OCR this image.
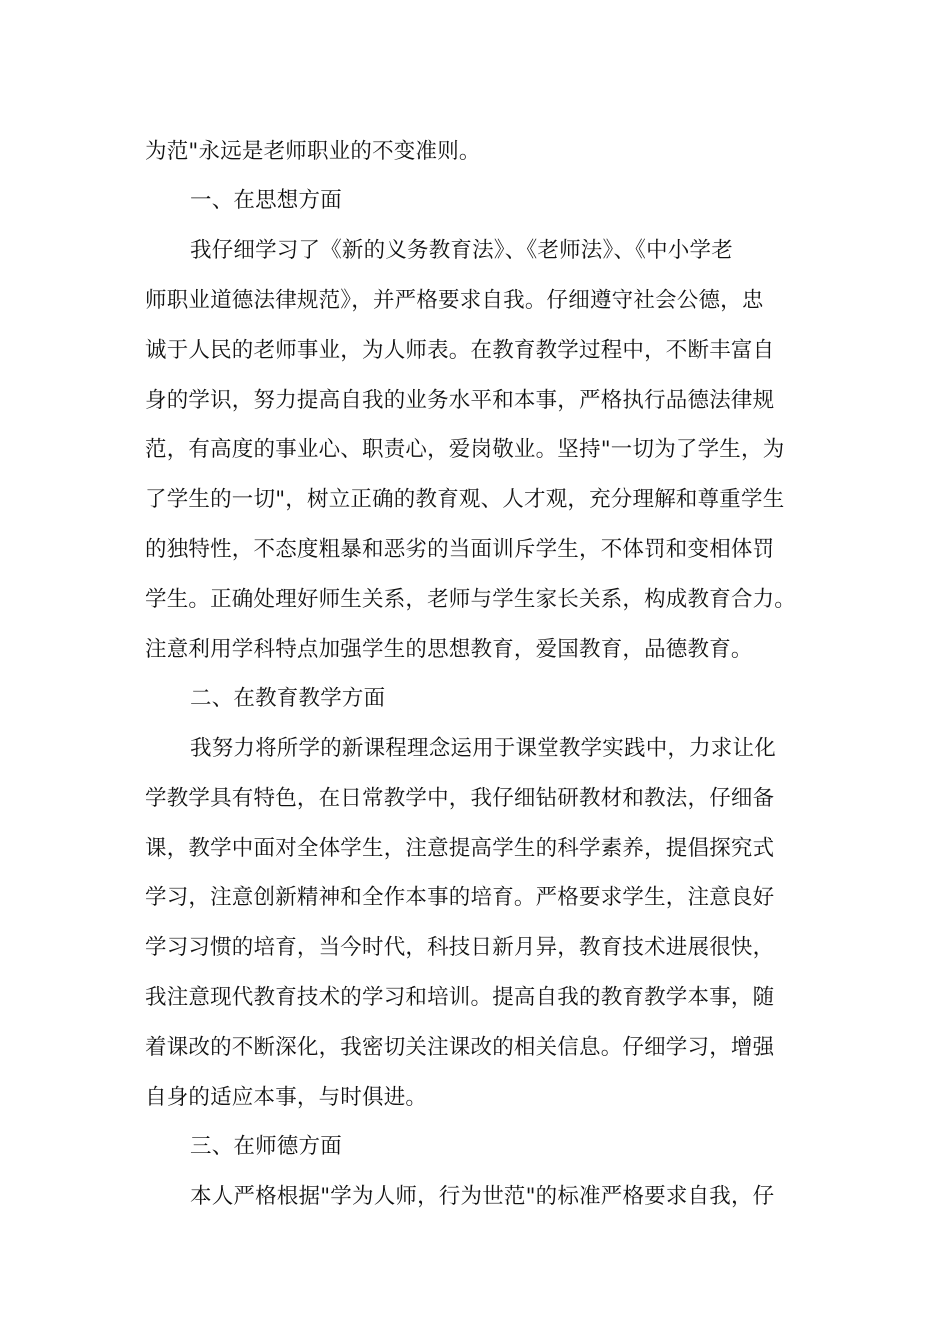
为范"永远是老师职业的不变准则。
一、在思想方面
我仔细学习了《新的义务教育法》、《老师法》、《中小学老
师职业道德法律规范》，并严格要求自我。仔细遵守社会公德，忠
诚于人民的老师事业，为人师表。在教育教学过程中，不断丰富自
身的学识，努力提高自我的业务水平和本事，严格执行品德法律规
范，有高度的事业心、职责心，爱岗敬业。坚持"一切为了学生，为
了学生的一切"，树立正确的教育观、人才观，充分理解和尊重学生
的独特性，不态度粗暴和恶劣的当面训斥学生，不体罚和变相体罚
学生。正确处理好师生关系，老师与学生家长关系，构成教育合力。
注意利用学科特点加强学生的思想教育，爱国教育，品德教育。
二、在教育教学方面
我努力将所学的新课程理念运用于课堂教学实践中，力求让化
学教学具有特色，在日常教学中，我仔细钻研教材和教法，仔细备
课，教学中面对全体学生，注意提高学生的科学素养，提倡探究式
学习，注意创新精神和全作本事的培育。严格要求学生，注意良好
学习习惯的培育，当今时代，科技日新月异，教育技术进展很快，
我注意现代教育技术的学习和培训。提高自我的教育教学本事，随
着课改的不断深化，我密切关注课改的相关信息。仔细学习，增强
自身的适应本事，与时俱进。
三、在师德方面
本人严格根据"学为人师，行为世范"的标准严格要求自我，仔
